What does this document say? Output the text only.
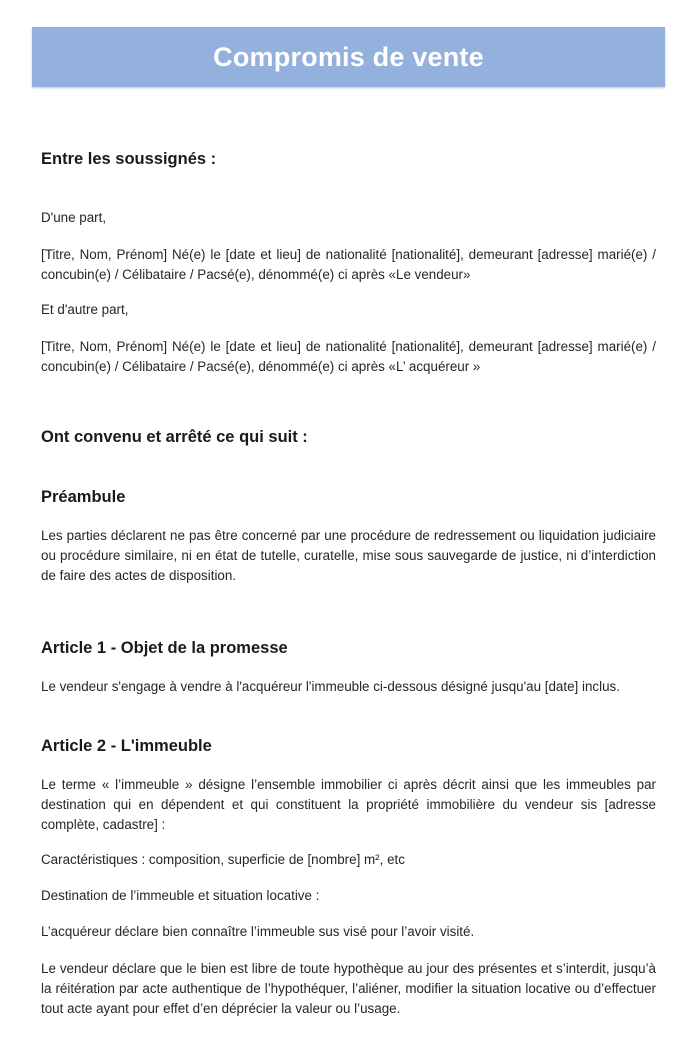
Compromis de vente
Entre les soussignés :

D'une part,

[Titre, Nom, Prénom] Né(e) le [date et lieu] de nationalité [nationalité], demeurant [adresse] marié(e) / concubin(e) / Célibataire / Pacsé(e), dénommé(e) ci après «Le vendeur»

Et d'autre part,

[Titre, Nom, Prénom] Né(e) le [date et lieu] de nationalité [nationalité], demeurant [adresse] marié(e) / concubin(e) / Célibataire / Pacsé(e), dénommé(e) ci après «L’ acquéreur »

Ont convenu et arrêté ce qui suit :
Préambule

Les parties déclarent ne pas être concerné par une procédure de redressement ou liquidation judiciaire ou procédure similaire, ni en état de tutelle, curatelle, mise sous sauvegarde de justice, ni d’interdiction de faire des actes de disposition.

Article 1 - Objet de la promesse

Le vendeur s'engage à vendre à l'acquéreur l'immeuble ci-dessous désigné jusqu'au [date] inclus.

Article 2 - L'immeuble

Le terme « l’immeuble » désigne l’ensemble immobilier ci après décrit ainsi que les immeubles par destination qui en dépendent et qui constituent la propriété immobilière du vendeur sis [adresse complète, cadastre] :

Caractéristiques : composition, superficie de [nombre] m², etc

Destination de l’immeuble et situation locative :

L’acquéreur déclare bien connaître l’immeuble sus visé pour l’avoir visité.

Le vendeur déclare que le bien est libre de toute hypothèque au jour des présentes et s’interdit, jusqu’à la réitération par acte authentique de l’hypothéquer, l’aliéner, modifier la situation locative ou d’effectuer tout acte ayant pour effet d’en déprécier la valeur ou l’usage.
